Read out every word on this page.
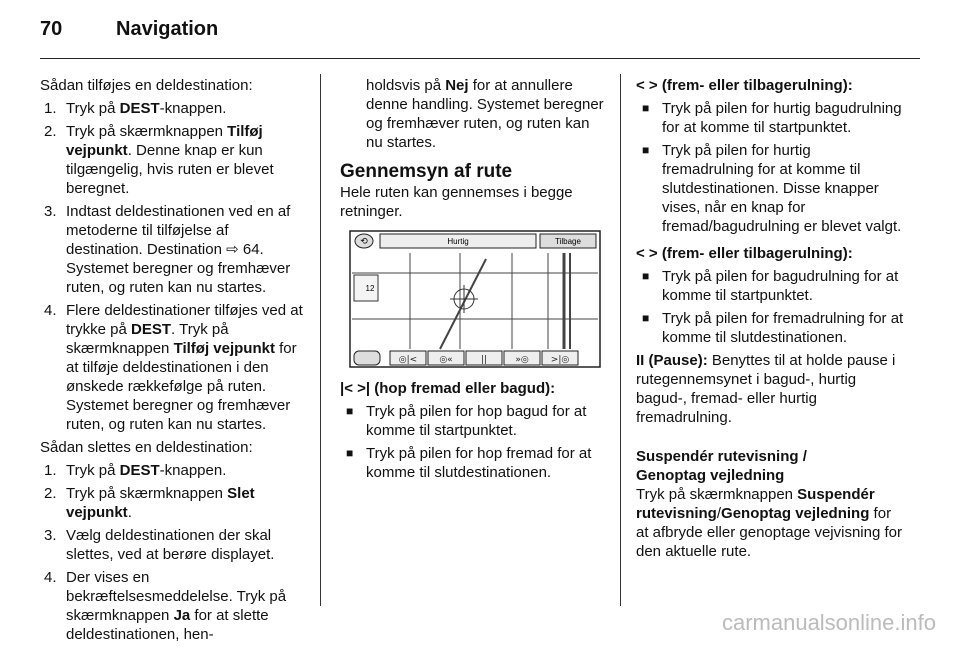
70	Navigation

Sådan tilføjes en deldestination:

1. Tryk på DEST-knappen.
2. Tryk på skærmknappen Tilføj vejpunkt. Denne knap er kun tilgængelig, hvis ruten er blevet beregnet.
3. Indtast deldestinationen ved en af metoderne til tilføjelse af destination. Destination ⇨ 64. Systemet beregner og fremhæver ruten, og ruten kan nu startes.
4. Flere deldestinationer tilføjes ved at trykke på DEST. Tryk på skærmknappen Tilføj vejpunkt for at tilføje deldestinationen i den ønskede rækkefølge på ruten. Systemet beregner og fremhæver ruten, og ruten kan nu startes.

Sådan slettes en deldestination:

1. Tryk på DEST-knappen.
2. Tryk på skærmknappen Slet vejpunkt.
3. Vælg deldestinationen der skal slettes, ved at berøre displayet.
4. Der vises en bekræftelsesmeddelelse. Tryk på skærmknappen Ja for at slette deldestinationen, hen-

holdsvis på Nej for at annullere denne handling. Systemet beregner og fremhæver ruten, og ruten kan nu startes.

Gennemsyn af rute

Hele ruten kan gennemses i begge retninger.

⟲	Hurtig	Tilbage
12
◎|< ◎«	||	»◎ >|◎

|< >| (hop fremad eller bagud):

■ Tryk på pilen for hop bagud for at komme til startpunktet.
■ Tryk på pilen for hop fremad for at komme til slutdestinationen.

< > (frem- eller tilbagerulning):

■ Tryk på pilen for hurtig bagudrulning for at komme til startpunktet.
■ Tryk på pilen for hurtig fremadrulning for at komme til slutdestinationen. Disse knapper vises, når en knap for fremad/bagudrulning er blevet valgt.

< > (frem- eller tilbagerulning):

■ Tryk på pilen for bagudrulning for at komme til startpunktet.
■ Tryk på pilen for fremadrulning for at komme til slutdestinationen.

II (Pause): Benyttes til at holde pause i rutegennemsynet i bagud-, hurtig bagud-, fremad- eller hurtig fremadrulning.

Suspendér rutevisning /
Genoptag vejledning

Tryk på skærmknappen Suspendér rutevisning/Genoptag vejledning for at afbryde eller genoptage vejvisning for den aktuelle rute.

carmanualsonline.info
